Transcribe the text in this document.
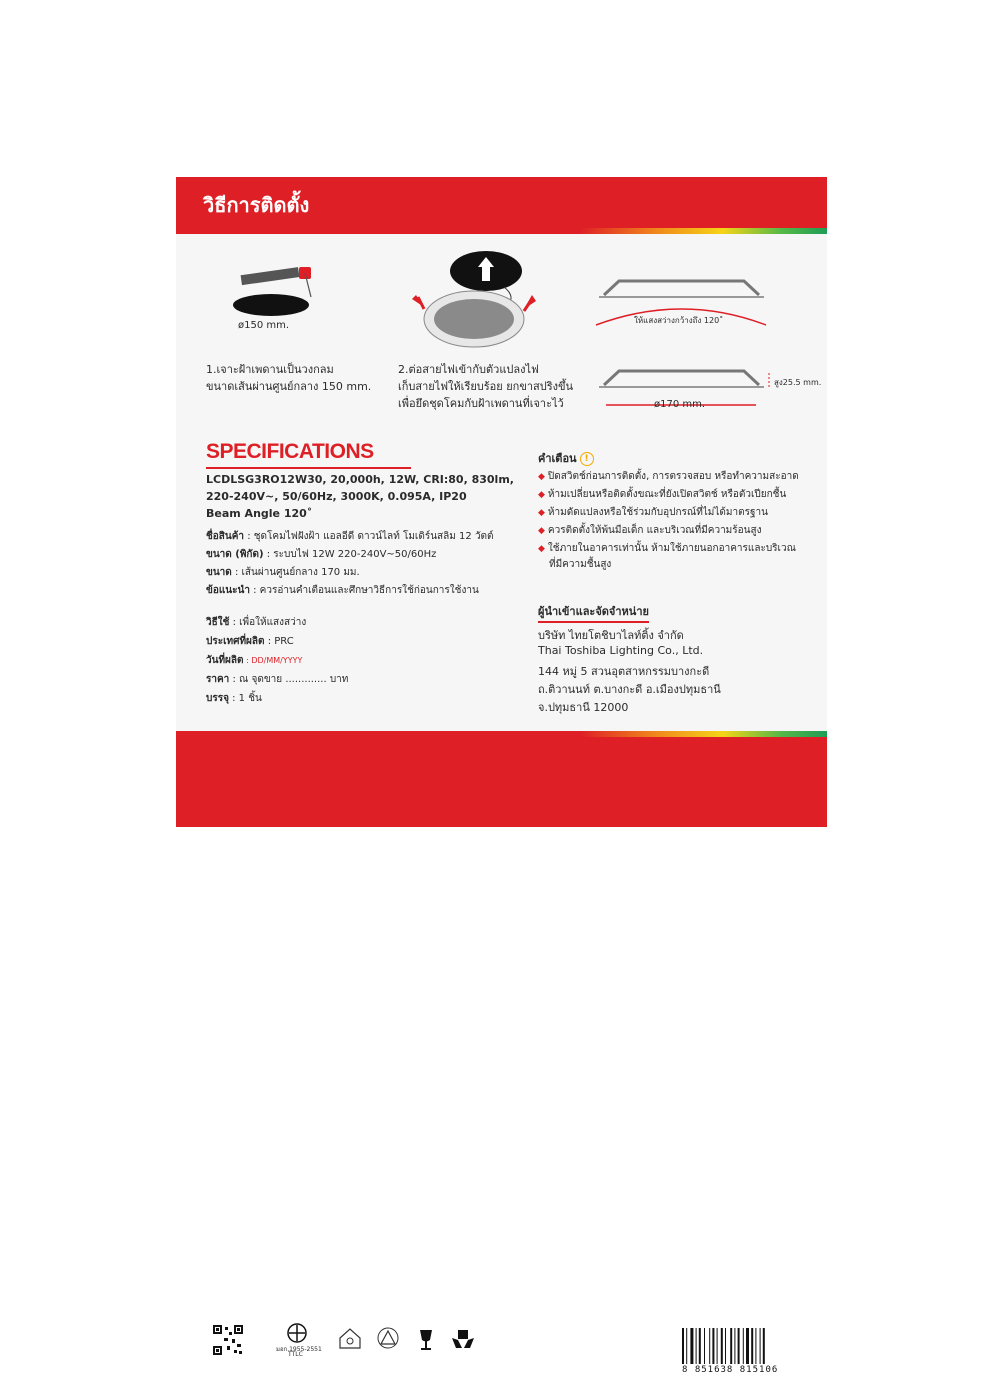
วิธีการติดตั้ง
ø150 mm.
1.เจาะฝ้าเพดานเป็นวงกลม
ขนาดเส้นผ่านศูนย์กลาง 150 mm.
2.ต่อสายไฟเข้ากับตัวแปลงไฟ
เก็บสายไฟให้เรียบร้อย ยกขาสปริงขึ้น
เพื่อยึดชุดโคมกับฝ้าเพดานที่เจาะไว้
ให้แสงสว่างกว้างถึง 120˚
สูง25.5 mm.
ø170 mm.
SPECIFICATIONS
LCDLSG3RO12W30, 20,000h, 12W, CRI:80, 830lm,
220-240V~, 50/60Hz, 3000K, 0.095A, IP20
Beam Angle 120˚
ชื่อสินค้า : ชุดโคมไฟฝังฝ้า แอลอีดี ดาวน์ไลท์ โมเดิร์นสลิม 12 วัตต์
ขนาด (พิกัด) : ระบบไฟ 12W 220-240V~50/60Hz
ขนาด : เส้นผ่านศูนย์กลาง 170 มม.
ข้อแนะนำ : ควรอ่านคำเตือนและศึกษาวิธีการใช้ก่อนการใช้งาน
วิธีใช้ : เพื่อให้แสงสว่าง
ประเทศที่ผลิต : PRC
วันที่ผลิต : DD/MM/YYYY
ราคา : ณ จุดขาย ............. บาท
บรรจุ : 1 ชิ้น
คำเตือน !
◆ ปิดสวิตช์ก่อนการติดตั้ง, การตรวจสอบ หรือทำความสะอาด
◆ ห้ามเปลี่ยนหรือติดตั้งขณะที่ยังเปิดสวิตช์ หรือตัวเปียกชื้น
◆ ห้ามดัดแปลงหรือใช้ร่วมกับอุปกรณ์ที่ไม่ได้มาตรฐาน
◆ ควรติดตั้งให้พ้นมือเด็ก และบริเวณที่มีความร้อนสูง
◆ ใช้ภายในอาคารเท่านั้น ห้ามใช้ภายนอกอาคารและบริเวณ
ที่มีความชื้นสูง
ผู้นำเข้าและจัดจำหน่าย
บริษัท ไทยโตชิบาไลท์ติ้ง จำกัด
Thai Toshiba Lighting Co., Ltd.
144 หมู่ 5 สวนอุตสาหกรรมบางกะดี
ถ.ติวานนท์ ต.บางกะดี อ.เมืองปทุมธานี
จ.ปทุมธานี 12000
มอก.1955-2551
TTLC
8 851638 815106
